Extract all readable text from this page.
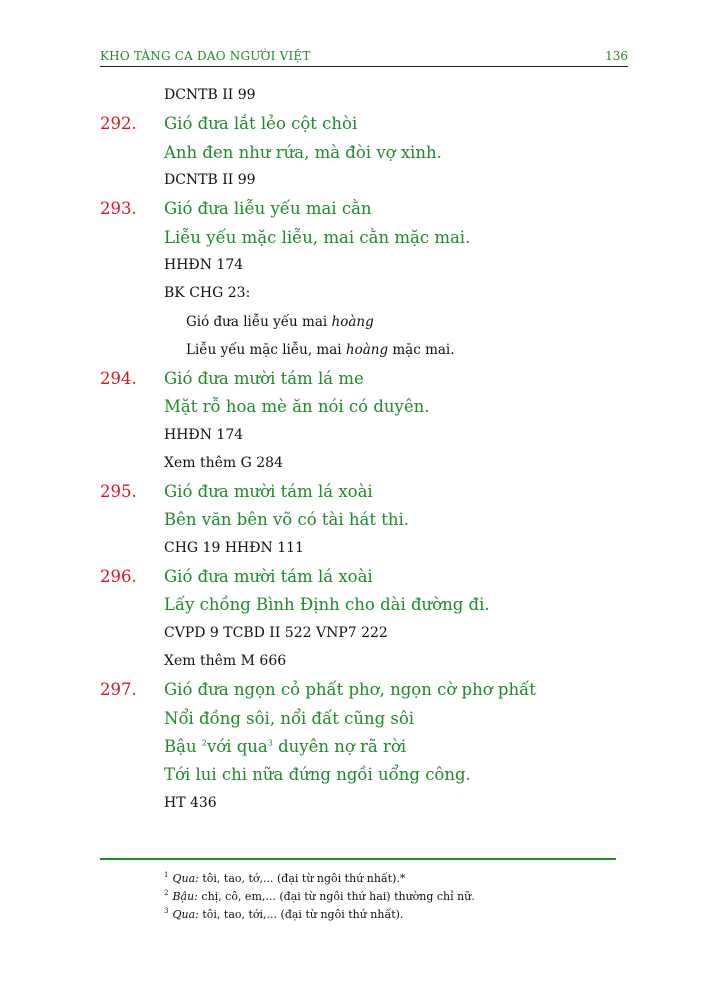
KHO TÀNG CA DAO NGƯỜI VIỆT	136
DCNTB II 99
292. Gió đưa lắt lẻo cột chòi
Anh đen như rứa, mà đòi vợ xinh.
DCNTB II 99
293. Gió đưa liễu yếu mai cằn
Liễu yếu mặc liễu, mai cằn mặc mai.
HHĐN 174
BK CHG 23:
Gió đưa liễu yếu mai hoàng
Liễu yếu mặc liễu, mai hoàng mặc mai.
294. Gió đưa mười tám lá me
Mặt rỗ hoa mè ăn nói có duyên.
HHĐN 174
Xem thêm G 284
295. Gió đưa mười tám lá xoài
Bên văn bên võ có tài hát thi.
CHG 19 HHĐN 111
296. Gió đưa mười tám lá xoài
Lấy chồng Bình Định cho dài đường đi.
CVPD 9 TCBD II 522 VNP7 222
Xem thêm M 666
297. Gió đưa ngọn cỏ phất phơ, ngọn cờ phơ phất
Nổi đồng sôi, nổi đất cũng sôi
Bậu $^2$với qua$^3$ duyên nợ rã rời
Tới lui chi nữa đứng ngồi uổng công.
HT 436
$^1$ Qua: tôi, tao, tớ,... (đại từ ngôi thứ nhất).*
$^2$ Bậu: chị, cô, em,... (đại từ ngôi thứ hai) thường chỉ nữ.
$^3$ Qua: tôi, tao, tới,... (đại từ ngôi thứ nhất).
